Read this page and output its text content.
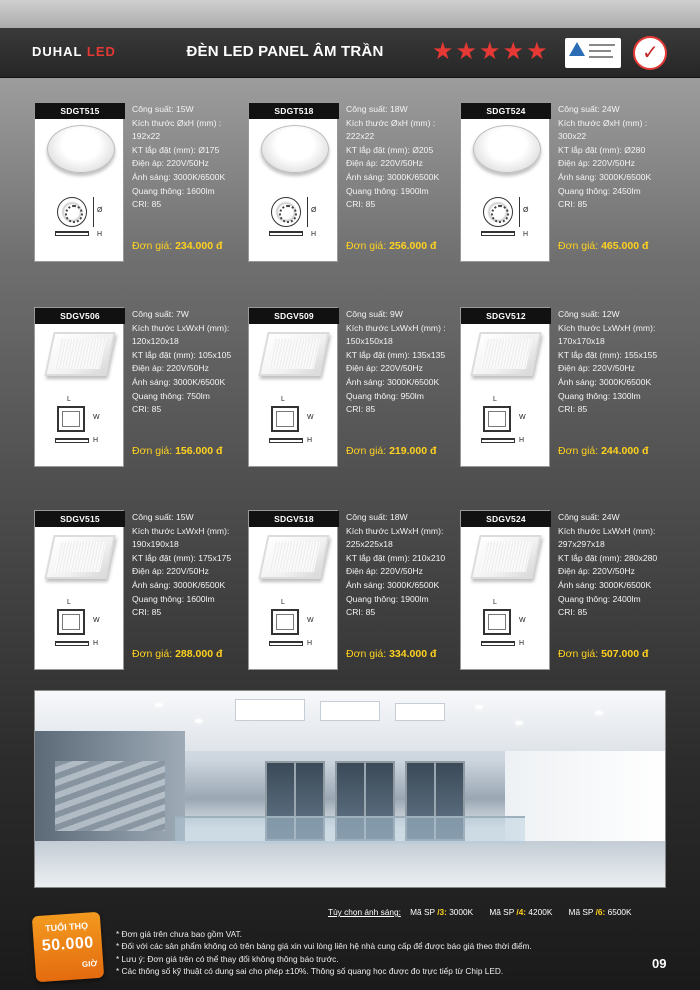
DUHAL LED	ĐÈN LED PANEL ÂM TRẦN ★ ★ ★ ★ ★	✓
SDGT515
Ø
H
Công suất: 15W
Kích thước ØxH (mm) :
192x22
KT lắp đặt (mm): Ø175
Điện áp: 220V/50Hz
Ánh sáng: 3000K/6500K
Quang thông: 1600lm
CRI: 85
Đơn giá: 234.000 đ
SDGT518
Ø
H
Công suất: 18W
Kích thước ØxH (mm) :
222x22
KT lắp đặt (mm): Ø205
Điện áp: 220V/50Hz
Ánh sáng: 3000K/6500K
Quang thông: 1900lm
CRI: 85
Đơn giá: 256.000 đ
SDGT524
Ø
H
Công suất: 24W
Kích thước ØxH (mm) :
300x22
KT lắp đặt (mm): Ø280
Điện áp: 220V/50Hz
Ánh sáng: 3000K/6500K
Quang thông: 2450lm
CRI: 85
Đơn giá: 465.000 đ
SDGV506
L
W
H
Công suất: 7W
Kích thước LxWxH (mm):
120x120x18
KT lắp đặt (mm): 105x105
Điện áp: 220V/50Hz
Ánh sáng: 3000K/6500K
Quang thông: 750lm
CRI: 85
Đơn giá: 156.000 đ
SDGV509
L
W
H
Công suất: 9W
Kích thước LxWxH (mm) :
150x150x18
KT lắp đặt (mm): 135x135
Điện áp: 220V/50Hz
Ánh sáng: 3000K/6500K
Quang thông: 950lm
CRI: 85
Đơn giá: 219.000 đ
SDGV512
L
W
H
Công suất: 12W
Kích thước LxWxH (mm):
170x170x18
KT lắp đặt (mm): 155x155
Điện áp: 220V/50Hz
Ánh sáng: 3000K/6500K
Quang thông: 1300lm
CRI: 85
Đơn giá: 244.000 đ
SDGV515
L
W
H
Công suất: 15W
Kích thước LxWxH (mm):
190x190x18
KT lắp đặt (mm): 175x175
Điện áp: 220V/50Hz
Ánh sáng: 3000K/6500K
Quang thông: 1600lm
CRI: 85
Đơn giá: 288.000 đ
SDGV518
L
W
H
Công suất: 18W
Kích thước LxWxH (mm):
225x225x18
KT lắp đặt (mm): 210x210
Điện áp: 220V/50Hz
Ánh sáng: 3000K/6500K
Quang thông: 1900lm
CRI: 85
Đơn giá: 334.000 đ
SDGV524
L
W
H
Công suất: 24W
Kích thước LxWxH (mm):
297x297x18
KT lắp đặt (mm): 280x280
Điện áp: 220V/50Hz
Ánh sáng: 3000K/6500K
Quang thông: 2400lm
CRI: 85
Đơn giá: 507.000 đ
Tùy chọn ánh sáng: Mã SP /3: 3000K Mã SP /4: 4200K Mã SP /6: 6500K
TUỔI THỌ
50.000
GIỜ
* Đơn giá trên chưa bao gồm VAT.
* Đối với các sản phẩm không có trên bảng giá xin vui lòng liên hệ nhà cung cấp để được báo giá theo thời điểm.
* Lưu ý: Đơn giá trên có thể thay đổi không thông báo trước.
* Các thông số kỹ thuật có dung sai cho phép ±10%. Thông số quang học được đo trực tiếp từ Chip LED.
09
